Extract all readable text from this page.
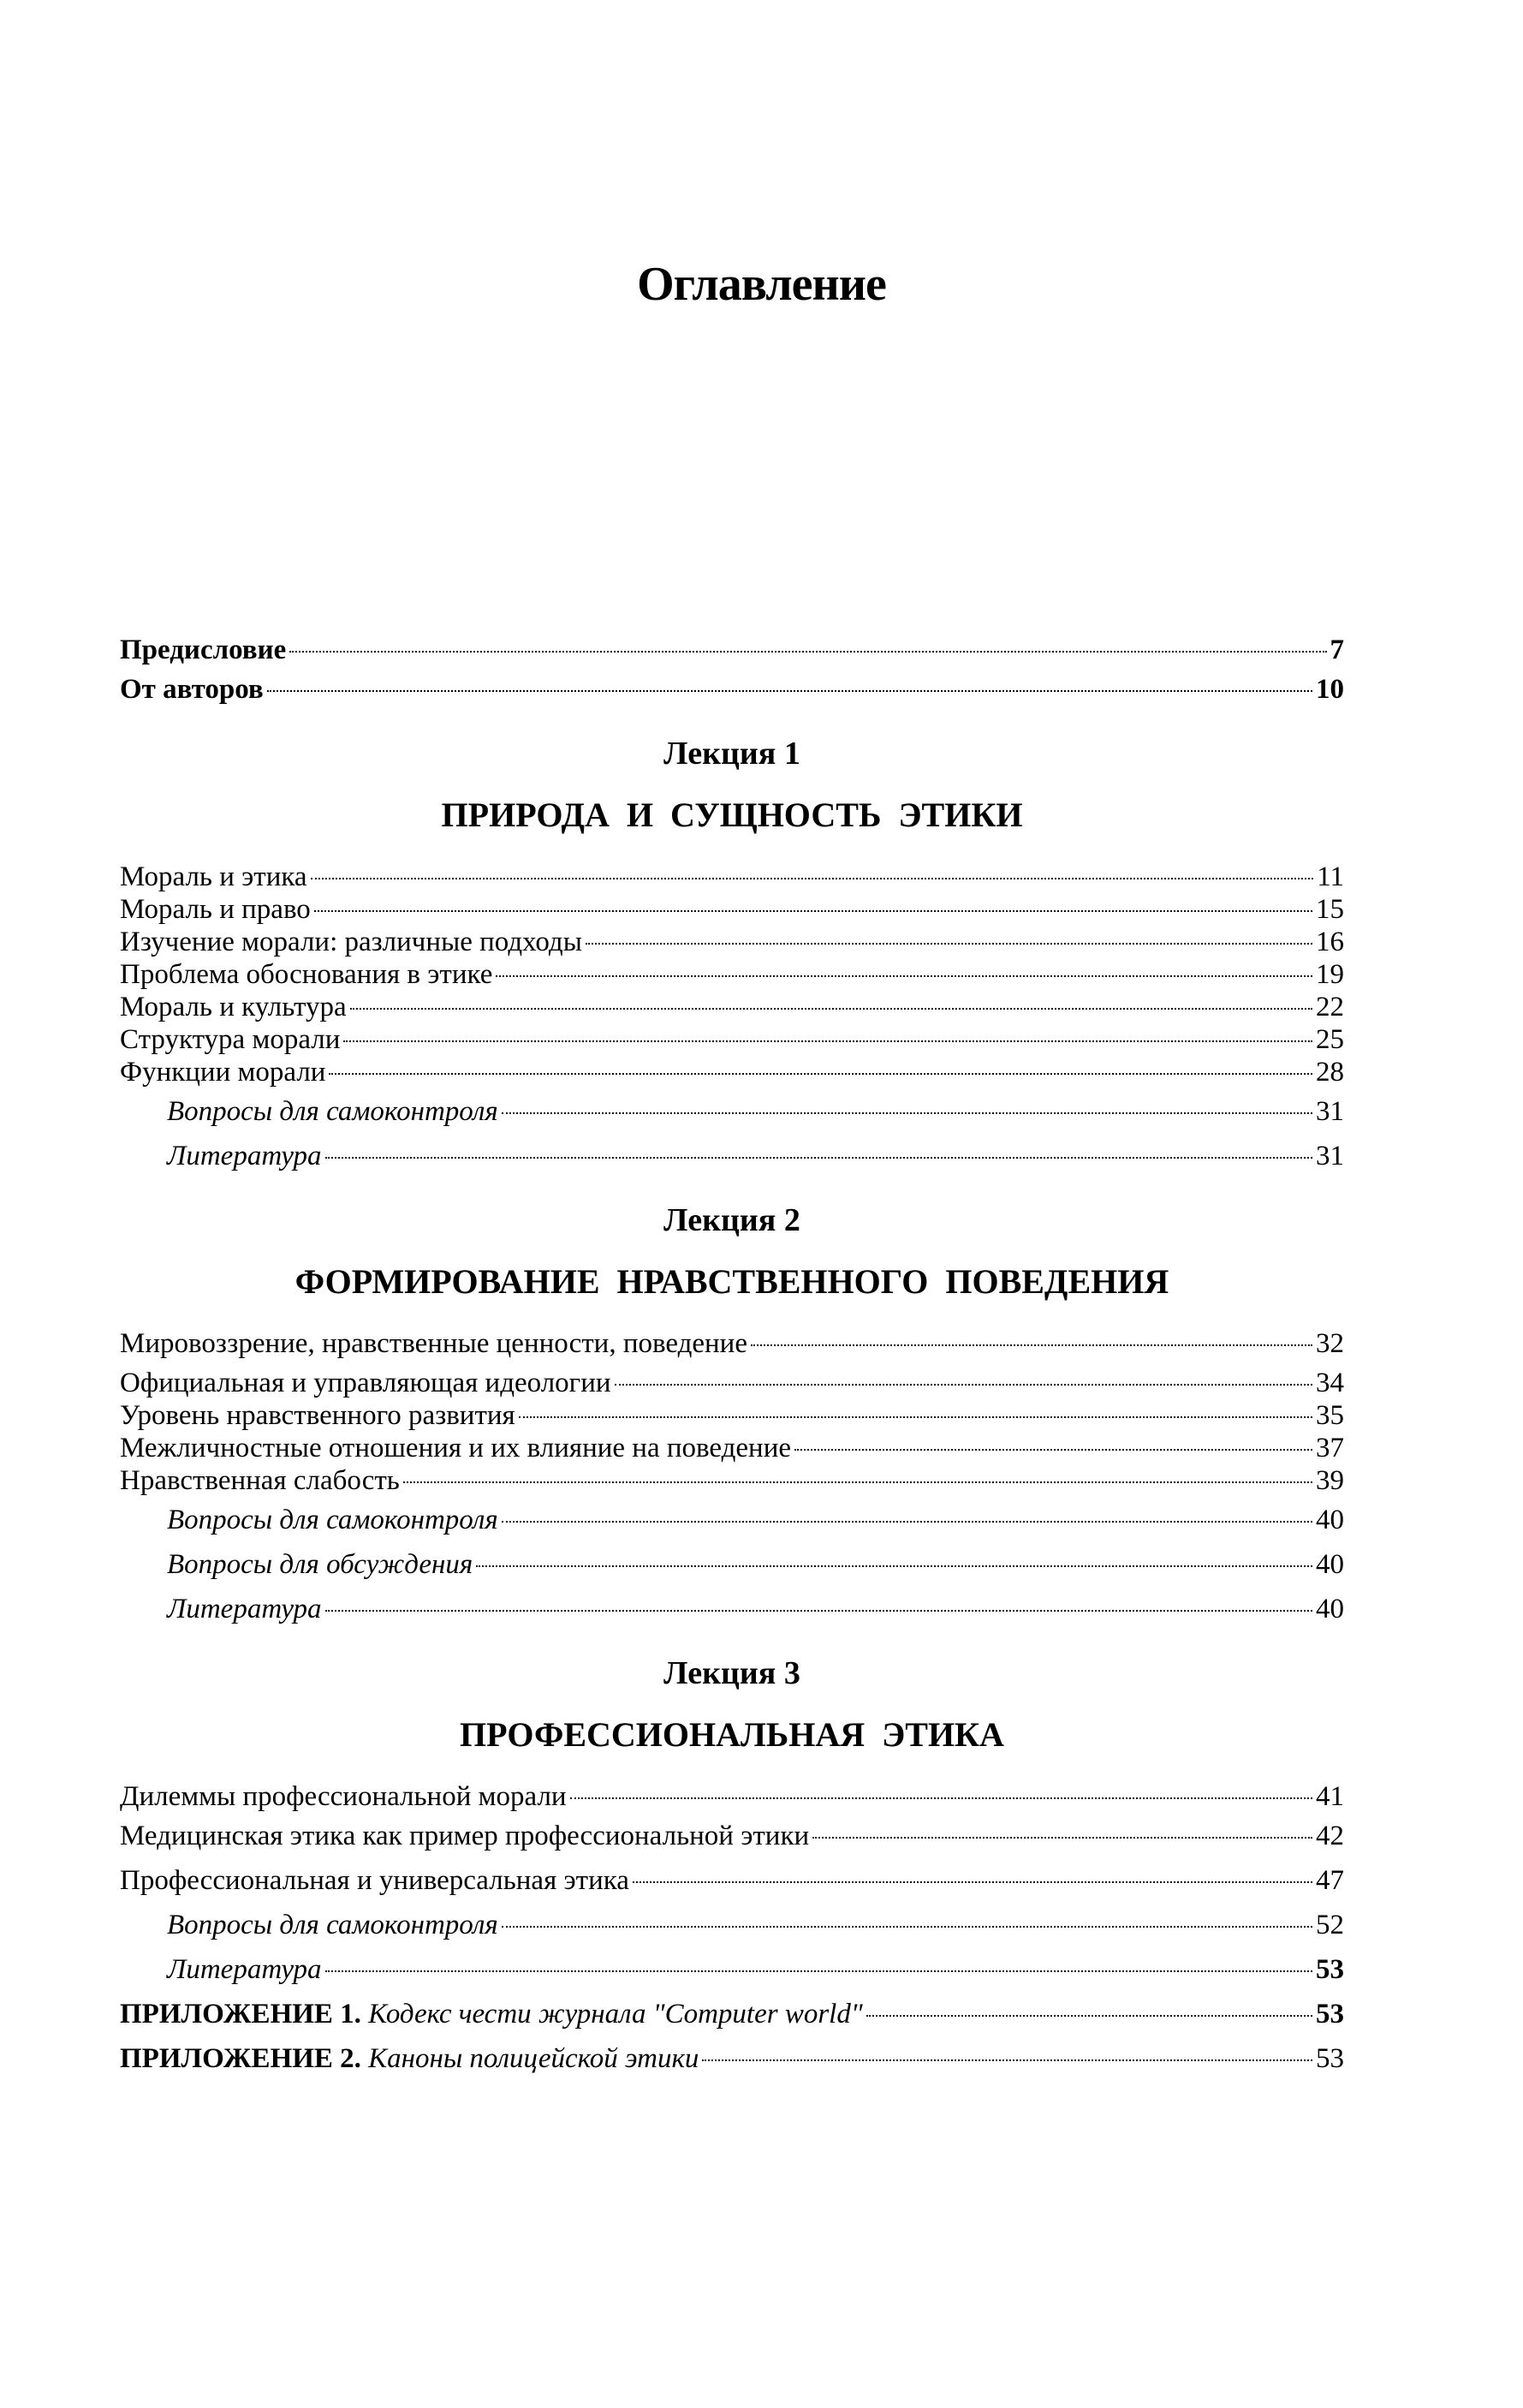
Оглавление
Предисловие	7
От авторов	10
Лекция 1
ПРИРОДА И СУЩНОСТЬ ЭТИКИ
Мораль и этика	11
Мораль и право	15
Изучение морали: различные подходы	16
Проблема обоснования в этике	19
Мораль и культура	22
Структура морали	25
Функции морали	28
Вопросы для самоконтроля	31
Литература	31
Лекция 2
ФОРМИРОВАНИЕ НРАВСТВЕННОГО ПОВЕДЕНИЯ
Мировоззрение, нравственные ценности, поведение	32
Официальная и управляющая идеологии	34
Уровень нравственного развития	35
Межличностные отношения и их влияние на поведение	37
Нравственная слабость	39
Вопросы для самоконтроля	40
Вопросы для обсуждения	40
Литература	40
Лекция 3
ПРОФЕССИОНАЛЬНАЯ ЭТИКА
Дилеммы профессиональной морали	41
Медицинская этика как пример профессиональной этики	42
Профессиональная и универсальная этика	47
Вопросы для самоконтроля	52
Литература	53
ПРИЛОЖЕНИЕ 1. Кодекс чести журнала "Computer world"	53
ПРИЛОЖЕНИЕ 2. Каноны полицейской этики	53
